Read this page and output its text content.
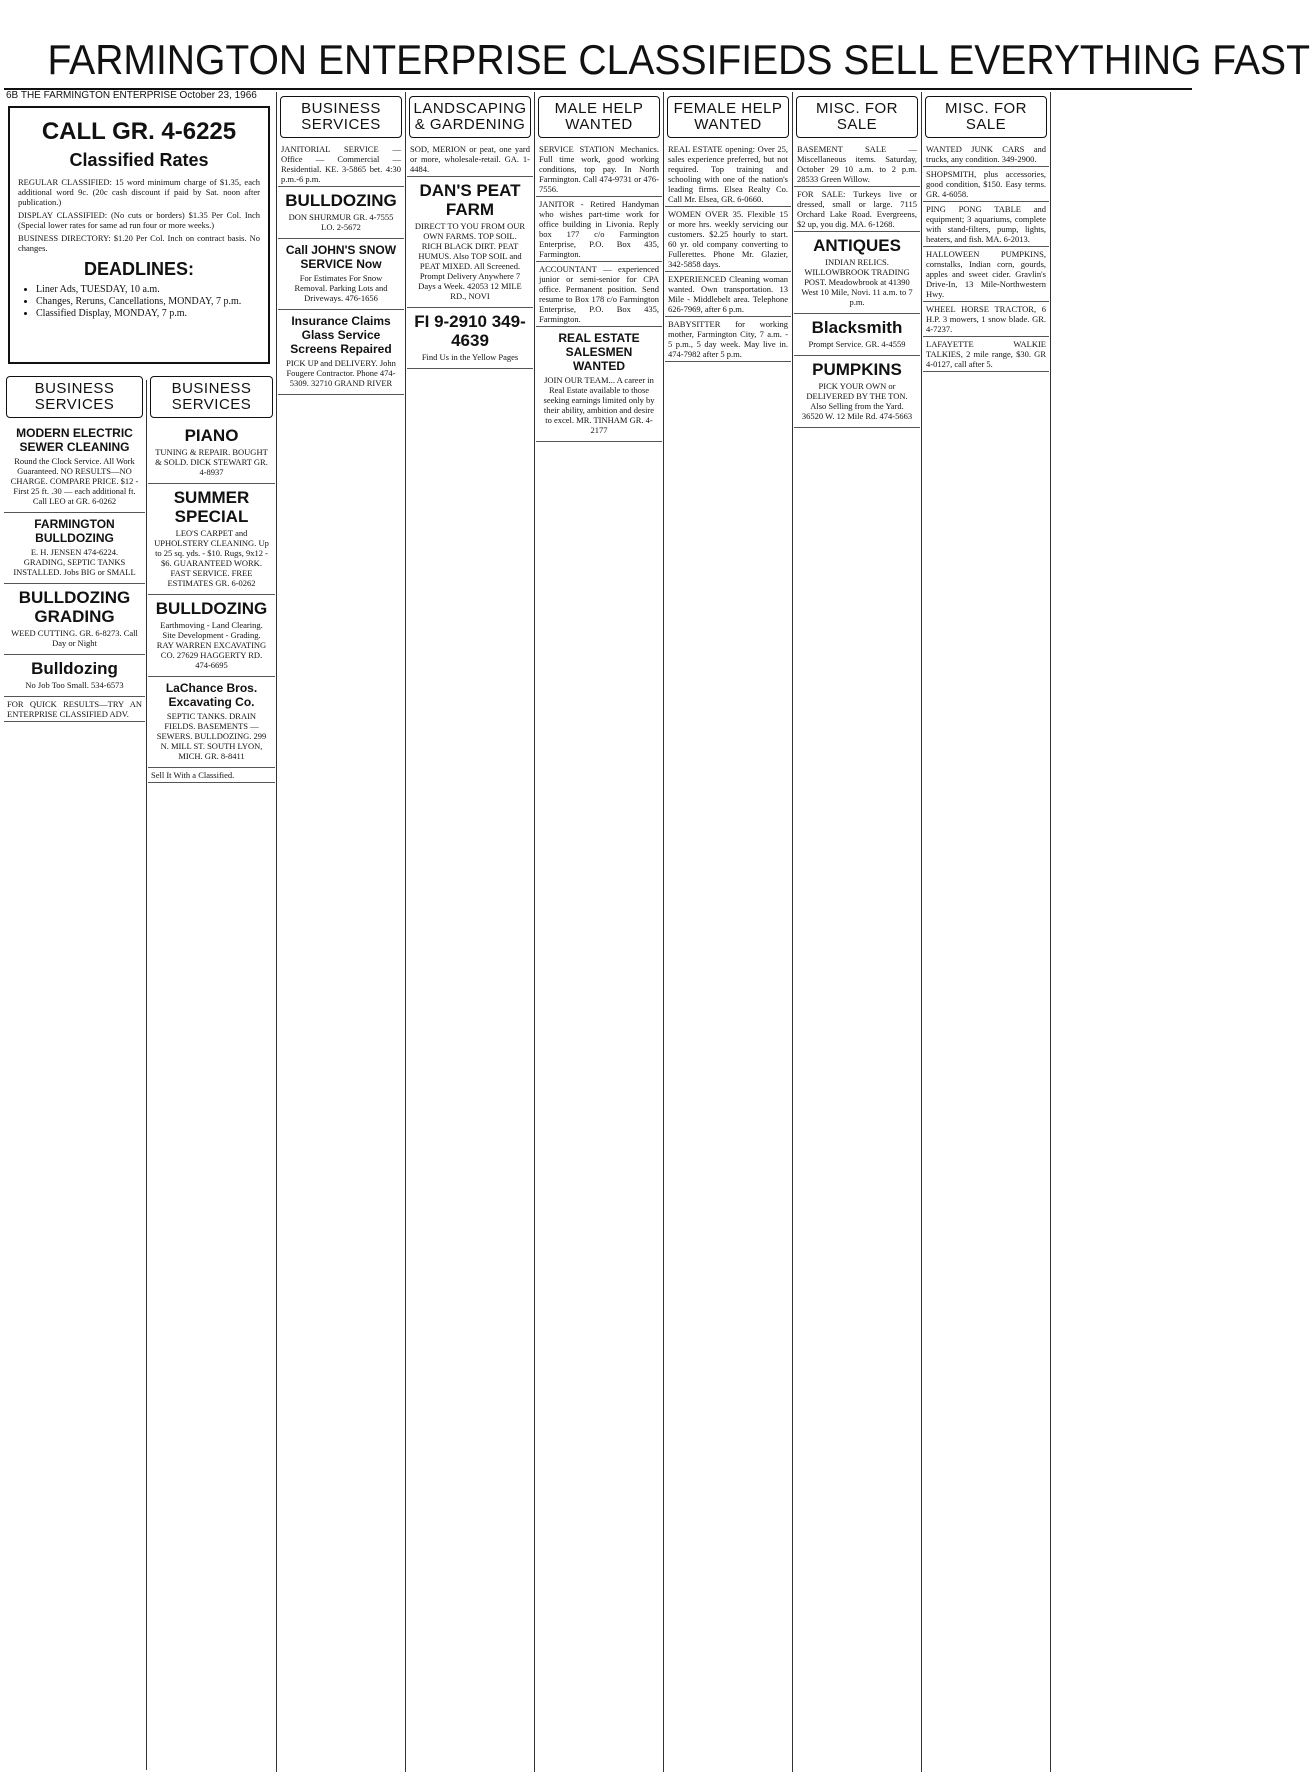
FARMINGTON ENTERPRISE CLASSIFIEDS SELL EVERYTHING FAST
6B THE FARMINGTON ENTERPRISE October 23, 1966
CALL GR. 4-6225
Classified Rates

REGULAR CLASSIFIED: 15 word minimum charge of $1.35, each additional word 9c. (20c cash discount if paid by Sat. noon after publication.)

DISPLAY CLASSIFIED: (No cuts or borders) $1.35 Per Col. Inch (Special lower rates for same ad run four or more weeks.)

BUSINESS DIRECTORY: $1.20 Per Col. Inch on contract basis. No changes.

DEADLINES:
• Liner Ads, TUESDAY, 10 a.m.
• Changes, Reruns, Cancellations, MONDAY, 7 p.m.
• Classified Display, MONDAY, 7 p.m.
BUSINESS SERVICES
MODERN ELECTRIC SEWER CLEANING
Round the Clock Service. All Work Guaranteed. NO RESULTS—NO CHARGE. COMPARE PRICE. $12 - First 25 ft. .30 — each additional ft. Call LEO at GR. 6-0262
FARMINGTON BULLDOZING
E. H. JENSEN 474-6224. GRADING, SEPTIC TANKS INSTALLED. Jobs BIG or SMALL
BULLDOZING GRADING
WEED CUTTING. GR. 6-8273. Call Day or Night
Bulldozing
No Job Too Small. 534-6573
FOR QUICK RESULTS—TRY AN ENTERPRISE CLASSIFIED ADV.
BUSINESS SERVICES
PIANO
TUNING & REPAIR. BOUGHT & SOLD. DICK STEWART GR. 4-8937
SUMMER SPECIAL
LEO'S CARPET and UPHOLSTERY CLEANING. Up to 25 sq. yds. - $10. Rugs, 9x12 - $6. GUARANTEED WORK. FAST SERVICE. FREE ESTIMATES GR. 6-0262
BULLDOZING
Earthmoving - Land Clearing. Site Development - Grading. RAY WARREN EXCAVATING CO. 27629 HAGGERTY RD. 474-6695
LaChance Bros. Excavating Co.
SEPTIC TANKS. DRAIN FIELDS. BASEMENTS — SEWERS. BULLDOZING. 299 N. MILL ST. SOUTH LYON, MICH. GR. 8-8411
Sell It With a Classified.
BUSINESS SERVICES
JANITORIAL SERVICE — Office — Commercial — Residential. KE. 3-5865 bet. 4:30 p.m.-6 p.m.
BULLDOZING
DON SHURMUR GR. 4-7555 LO. 2-5672
Call JOHN'S SNOW SERVICE Now
For Estimates For Snow Removal. Parking Lots and Driveways. 476-1656
Insurance Claims Glass Service Screens Repaired
PICK UP and DELIVERY. John Fougere Contractor. Phone 474-5309. 32710 GRAND RIVER
LANDSCAPING & GARDENING
SOD, MERION or peat, one yard or more, wholesale-retail. GA. 1-4484.
DAN'S PEAT FARM
DIRECT TO YOU FROM OUR OWN FARMS. TOP SOIL. RICH BLACK DIRT. PEAT HUMUS. Also TOP SOIL and PEAT MIXED. All Screened. Prompt Delivery Anywhere 7 Days a Week. 42053 12 MILE RD., NOVI
FI 9-2910 349-4639
Find Us in the Yellow Pages
MALE HELP WANTED
SERVICE STATION Mechanics. Full time work, good working conditions, top pay. In North Farmington. Call 474-9731 or 476-7556.
JANITOR - Retired Handyman who wishes part-time work for office building in Livonia. Reply box 177 c/o Farmington Enterprise, P.O. Box 435, Farmington.
ACCOUNTANT — experienced junior or semi-senior for CPA office. Permanent position. Send resume to Box 178 c/o Farmington Enterprise, P.O. Box 435, Farmington.
REAL ESTATE SALESMEN WANTED
JOIN OUR TEAM... A career in Real Estate available to those seeking earnings limited only by their ability, ambition and desire to excel. MR. TINHAM GR. 4-2177
FEMALE HELP WANTED
REAL ESTATE opening: Over 25, sales experience preferred, but not required. Top training and schooling with one of the nation's leading firms. Elsea Realty Co. Call Mr. Elsea, GR. 6-0660.
WOMEN OVER 35. Flexible 15 or more hrs. weekly servicing our customers. $2.25 hourly to start. 60 yr. old company converting to Fullerettes. Phone Mr. Glazier, 342-5858 days.
EXPERIENCED Cleaning woman wanted. Own transportation. 13 Mile - Middlebelt area. Telephone 626-7969, after 6 p.m.
BABYSITTER for working mother, Farmington City, 7 a.m. - 5 p.m., 5 day week. May live in. 474-7982 after 5 p.m.
MISC. FOR SALE
BASEMENT SALE — Miscellaneous items. Saturday, October 29 10 a.m. to 2 p.m. 28533 Green Willow.
FOR SALE: Turkeys live or dressed, small or large. 7115 Orchard Lake Road. Evergreens, $2 up, you dig. MA. 6-1268.
ANTIQUES
INDIAN RELICS. WILLOWBROOK TRADING POST. Meadowbrook at 41390 West 10 Mile, Novi. 11 a.m. to 7 p.m.
Blacksmith
Prompt Service. GR. 4-4559
PUMPKINS
PICK YOUR OWN or DELIVERED BY THE TON. Also Selling from the Yard. 36520 W. 12 Mile Rd. 474-5663
MISC. FOR SALE
WANTED JUNK CARS and trucks, any condition. 349-2900.
SHOPSMITH, plus accessories, good condition, $150. Easy terms. GR. 4-6058.
PING PONG TABLE and equipment; 3 aquariums, complete with stand-filters, pump, lights, heaters, and fish. MA. 6-2013.
HALLOWEEN PUMPKINS, cornstalks, Indian corn, gourds, apples and sweet cider. Gravlin's Drive-In, 13 Mile-Northwestern Hwy.
WHEEL HORSE TRACTOR, 6 H.P. 3 mowers, 1 snow blade. GR. 4-7237.
LAFAYETTE WALKIE TALKIES, 2 mile range, $30. GR 4-0127, call after 5.
